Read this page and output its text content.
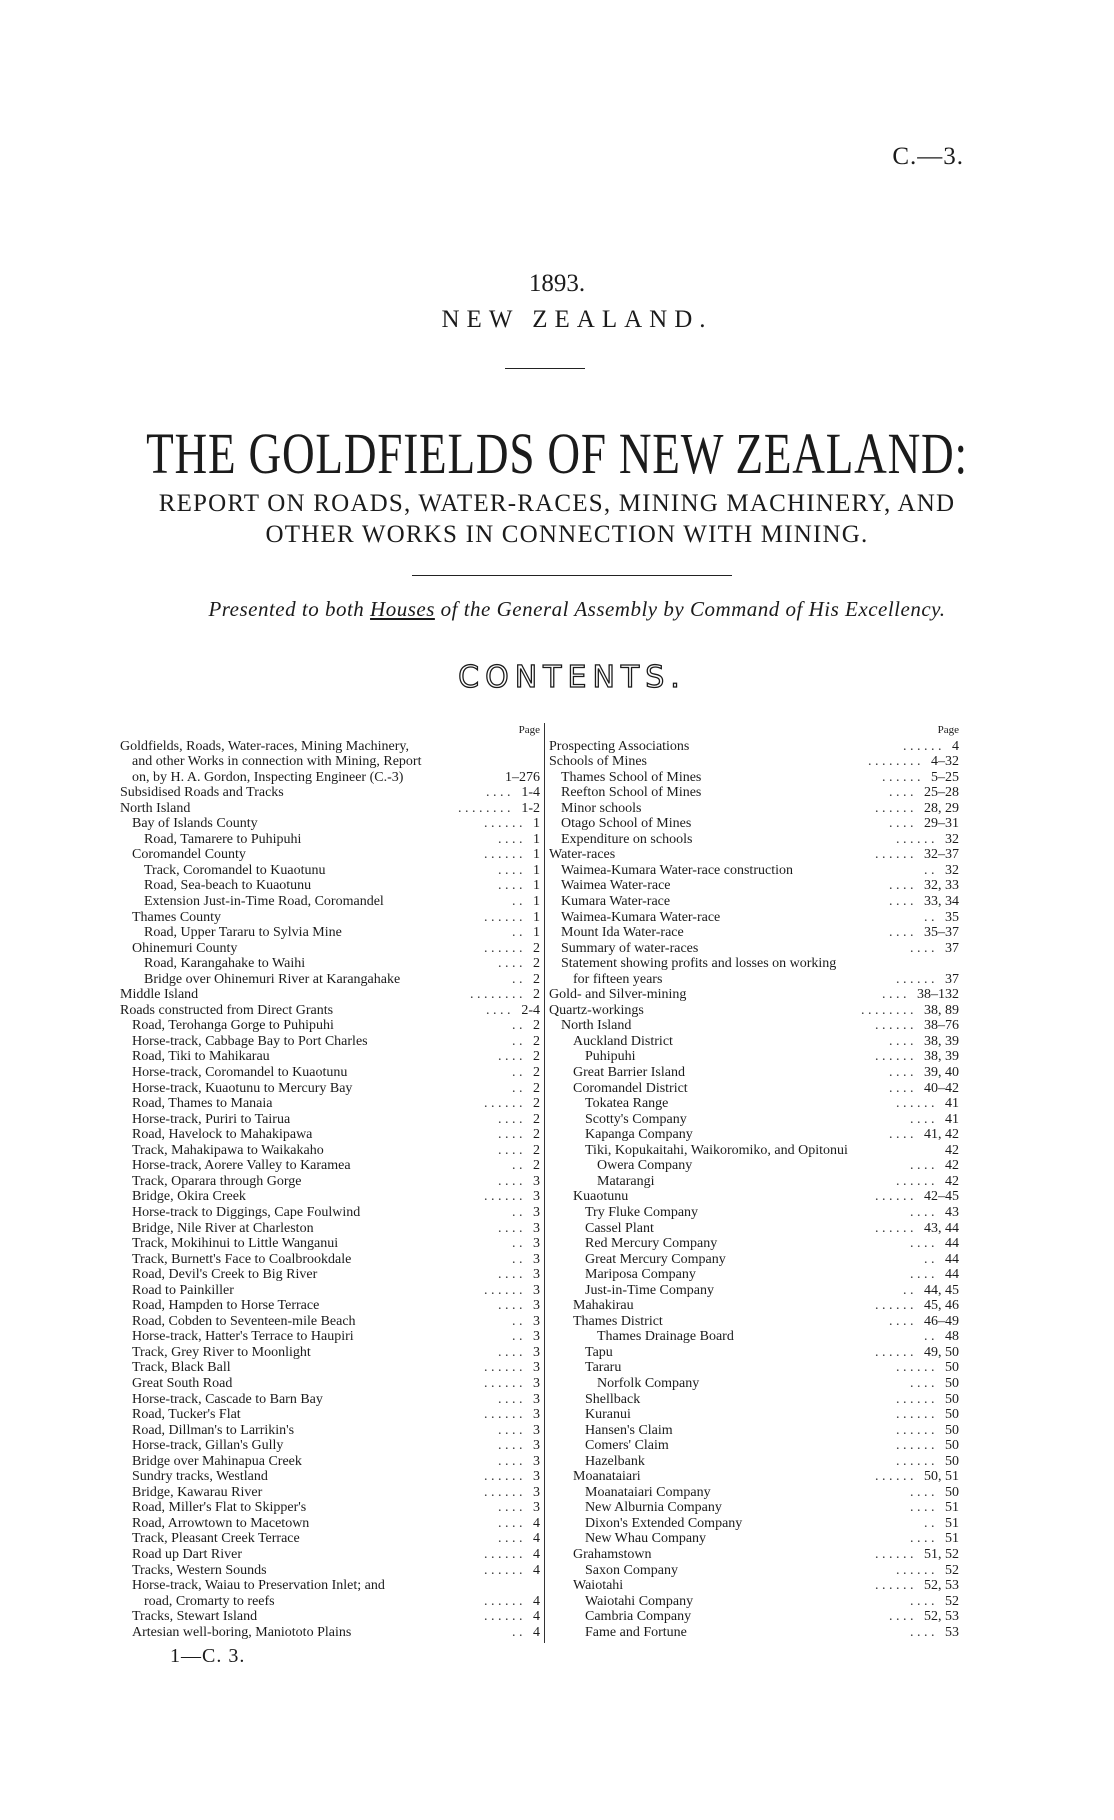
C.—3.
1893.
NEW ZEALAND.
THE GOLDFIELDS OF NEW ZEALAND:
REPORT ON ROADS, WATER-RACES, MINING MACHINERY, AND
OTHER WORKS IN CONNECTION WITH MINING.
Presented to both Houses of the General Assembly by Command of His Excellency.
CONTENTS.
Page
Goldfields, Roads, Water-races, Mining Machinery,
and other Works in connection with Mining, Report
on, by H. A. Gordon, Inspecting Engineer (C.-3)	1–276
Subsidised Roads and Tracks	. . . . 1-4
North Island	. . . . . . . . 1-2
Bay of Islands County	. . . . . . 1
Road, Tamarere to Puhipuhi	. . . . 1
Coromandel County	. . . . . . 1
Track, Coromandel to Kuaotunu	. . . . 1
Road, Sea-beach to Kuaotunu	. . . . 1
Extension Just-in-Time Road, Coromandel	. . 1
Thames County	. . . . . . 1
Road, Upper Tararu to Sylvia Mine	. . 1
Ohinemuri County	. . . . . . 2
Road, Karangahake to Waihi	. . . . 2
Bridge over Ohinemuri River at Karangahake	. . 2
Middle Island	. . . . . . . . 2
Roads constructed from Direct Grants	. . . . 2-4
Road, Terohanga Gorge to Puhipuhi	. . 2
Horse-track, Cabbage Bay to Port Charles	. . 2
Road, Tiki to Mahikarau	. . . . 2
Horse-track, Coromandel to Kuaotunu	. . 2
Horse-track, Kuaotunu to Mercury Bay	. . 2
Road, Thames to Manaia	. . . . . . 2
Horse-track, Puriri to Tairua	. . . . 2
Road, Havelock to Mahakipawa	. . . . 2
Track, Mahakipawa to Waikakaho	. . . . 2
Horse-track, Aorere Valley to Karamea	. . 2
Track, Oparara through Gorge	. . . . 3
Bridge, Okira Creek	. . . . . . 3
Horse-track to Diggings, Cape Foulwind	. . 3
Bridge, Nile River at Charleston	. . . . 3
Track, Mokihinui to Little Wanganui	. . 3
Track, Burnett's Face to Coalbrookdale	. . 3
Road, Devil's Creek to Big River	. . . . 3
Road to Painkiller	. . . . . . 3
Road, Hampden to Horse Terrace	. . . . 3
Road, Cobden to Seventeen-mile Beach	. . 3
Horse-track, Hatter's Terrace to Haupiri	. . 3
Track, Grey River to Moonlight	. . . . 3
Track, Black Ball	. . . . . . 3
Great South Road	. . . . . . 3
Horse-track, Cascade to Barn Bay	. . . . 3
Road, Tucker's Flat	. . . . . . 3
Road, Dillman's to Larrikin's	. . . . 3
Horse-track, Gillan's Gully	. . . . 3
Bridge over Mahinapua Creek	. . . . 3
Sundry tracks, Westland	. . . . . . 3
Bridge, Kawarau River	. . . . . . 3
Road, Miller's Flat to Skipper's	. . . . 3
Road, Arrowtown to Macetown	. . . . 4
Track, Pleasant Creek Terrace	. . . . 4
Road up Dart River	. . . . . . 4
Tracks, Western Sounds	. . . . . . 4
Horse-track, Waiau to Preservation Inlet; and
road, Cromarty to reefs	. . . . . . 4
Tracks, Stewart Island	. . . . . . 4
Artesian well-boring, Maniototo Plains	. . 4
Page
Prospecting Associations	. . . . . . 4
Schools of Mines	. . . . . . . . 4–32
Thames School of Mines	. . . . . . 5–25
Reefton School of Mines	. . . . 25–28
Minor schools	. . . . . . 28, 29
Otago School of Mines	. . . . 29–31
Expenditure on schools	. . . . . . 32
Water-races	. . . . . . 32–37
Waimea-Kumara Water-race construction	. . 32
Waimea Water-race	. . . . 32, 33
Kumara Water-race	. . . . 33, 34
Waimea-Kumara Water-race	. . 35
Mount Ida Water-race	. . . . 35–37
Summary of water-races	. . . . 37
Statement showing profits and losses on working
for fifteen years	. . . . . . 37
Gold- and Silver-mining	. . . . 38–132
Quartz-workings	. . . . . . . . 38, 89
North Island	. . . . . . 38–76
Auckland District	. . . . 38, 39
Puhipuhi	. . . . . . 38, 39
Great Barrier Island	. . . . 39, 40
Coromandel District	. . . . 40–42
Tokatea Range	. . . . . . 41
Scotty's Company	. . . . 41
Kapanga Company	. . . . 41, 42
Tiki, Kopukaitahi, Waikoromiko, and Opitonui	42
Owera Company	. . . . 42
Matarangi	. . . . . . 42
Kuaotunu	. . . . . . 42–45
Try Fluke Company	. . . . 43
Cassel Plant	. . . . . . 43, 44
Red Mercury Company	. . . . 44
Great Mercury Company	. . 44
Mariposa Company	. . . . 44
Just-in-Time Company	. . 44, 45
Mahakirau	. . . . . . 45, 46
Thames District	. . . . 46–49
Thames Drainage Board	. . 48
Tapu	. . . . . . 49, 50
Tararu	. . . . . . 50
Norfolk Company	. . . . 50
Shellback	. . . . . . 50
Kuranui	. . . . . . 50
Hansen's Claim	. . . . . . 50
Comers' Claim	. . . . . . 50
Hazelbank	. . . . . . 50
Moanataiari	. . . . . . 50, 51
Moanataiari Company	. . . . 50
New Alburnia Company	. . . . 51
Dixon's Extended Company	. . 51
New Whau Company	. . . . 51
Grahamstown	. . . . . . 51, 52
Saxon Company	. . . . . . 52
Waiotahi	. . . . . . 52, 53
Waiotahi Company	. . . . 52
Cambria Company	. . . . 52, 53
Fame and Fortune	. . . . 53
1—C. 3.
